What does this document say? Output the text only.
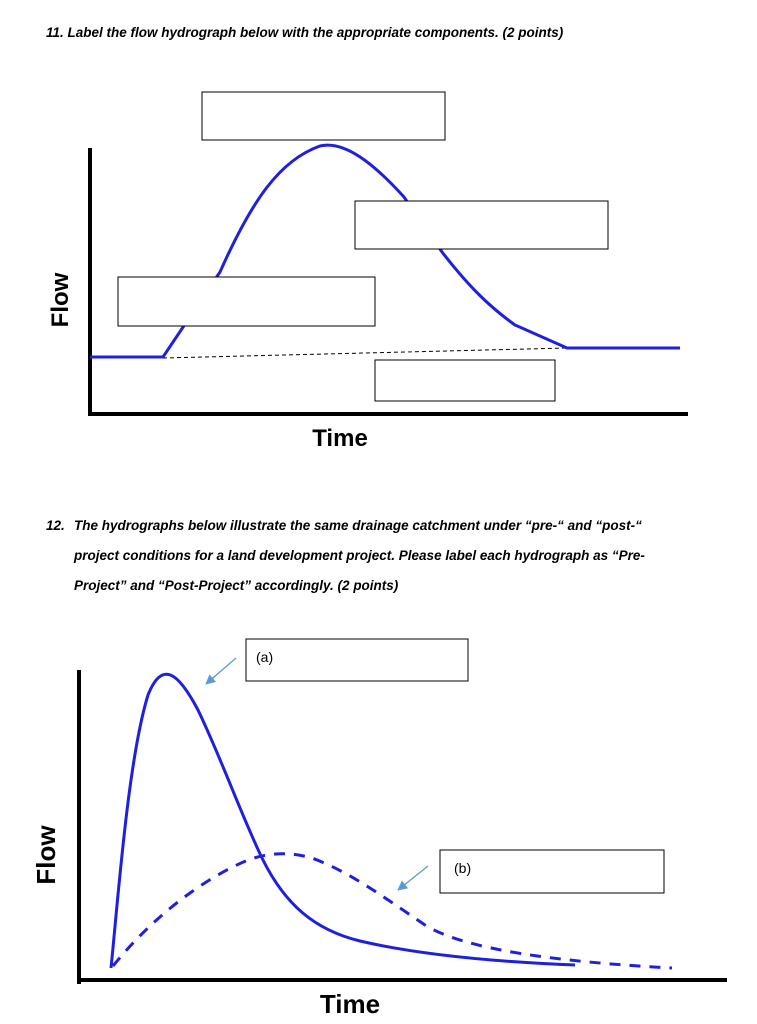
11. Label the flow hydrograph below with the appropriate components. (2 points)
12. The hydrographs below illustrate the same drainage catchment under “pre-“ and “post-“
project conditions for a land development project. Please label each hydrograph as “Pre-
Project” and “Post-Project” accordingly. (2 points)
Time
Flow
(a)
(b)
Time
Flow
